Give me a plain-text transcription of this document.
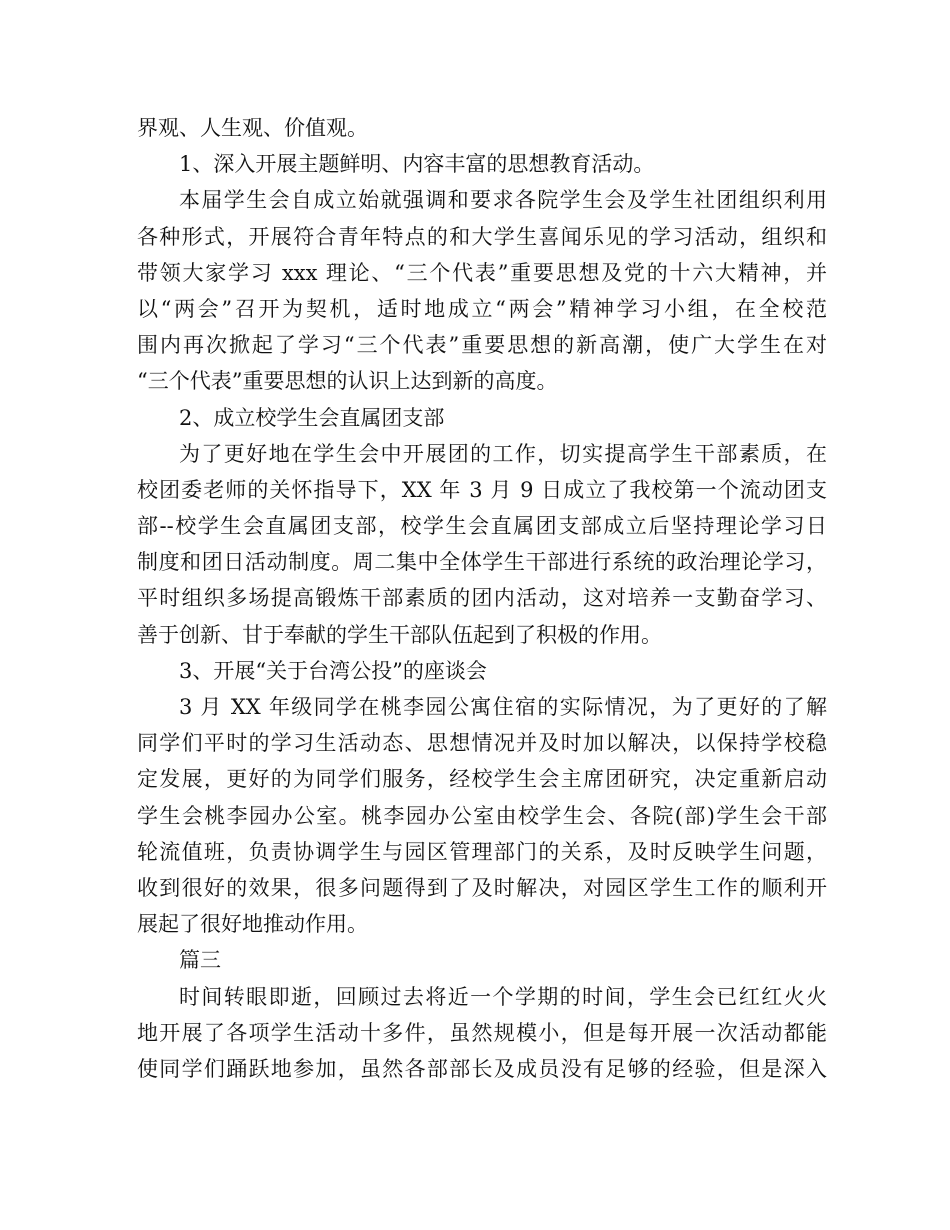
界观、人生观、价值观。
1、深入开展主题鲜明、内容丰富的思想教育活动。
本届学生会自成立始就强调和要求各院学生会及学生社团组织利用
各种形式，开展符合青年特点的和大学生喜闻乐见的学习活动，组织和
带领大家学习 xxx 理论、“三个代表”重要思想及党的十六大精神，并
以“两会”召开为契机，适时地成立“两会”精神学习小组，在全校范
围内再次掀起了学习“三个代表”重要思想的新高潮，使广大学生在对
“三个代表”重要思想的认识上达到新的高度。
2、成立校学生会直属团支部
为了更好地在学生会中开展团的工作，切实提高学生干部素质，在
校团委老师的关怀指导下，XX 年 3 月 9 日成立了我校第一个流动团支
部--校学生会直属团支部，校学生会直属团支部成立后坚持理论学习日
制度和团日活动制度。周二集中全体学生干部进行系统的政治理论学习，
平时组织多场提高锻炼干部素质的团内活动，这对培养一支勤奋学习、
善于创新、甘于奉献的学生干部队伍起到了积极的作用。
3、开展“关于台湾公投”的座谈会
3 月 XX 年级同学在桃李园公寓住宿的实际情况，为了更好的了解
同学们平时的学习生活动态、思想情况并及时加以解决，以保持学校稳
定发展，更好的为同学们服务，经校学生会主席团研究，决定重新启动
学生会桃李园办公室。桃李园办公室由校学生会、各院(部)学生会干部
轮流值班，负责协调学生与园区管理部门的关系，及时反映学生问题，
收到很好的效果，很多问题得到了及时解决，对园区学生工作的顺利开
展起了很好地推动作用。
篇三
时间转眼即逝，回顾过去将近一个学期的时间，学生会已红红火火
地开展了各项学生活动十多件，虽然规模小，但是每开展一次活动都能
使同学们踊跃地参加，虽然各部部长及成员没有足够的经验，但是深入
